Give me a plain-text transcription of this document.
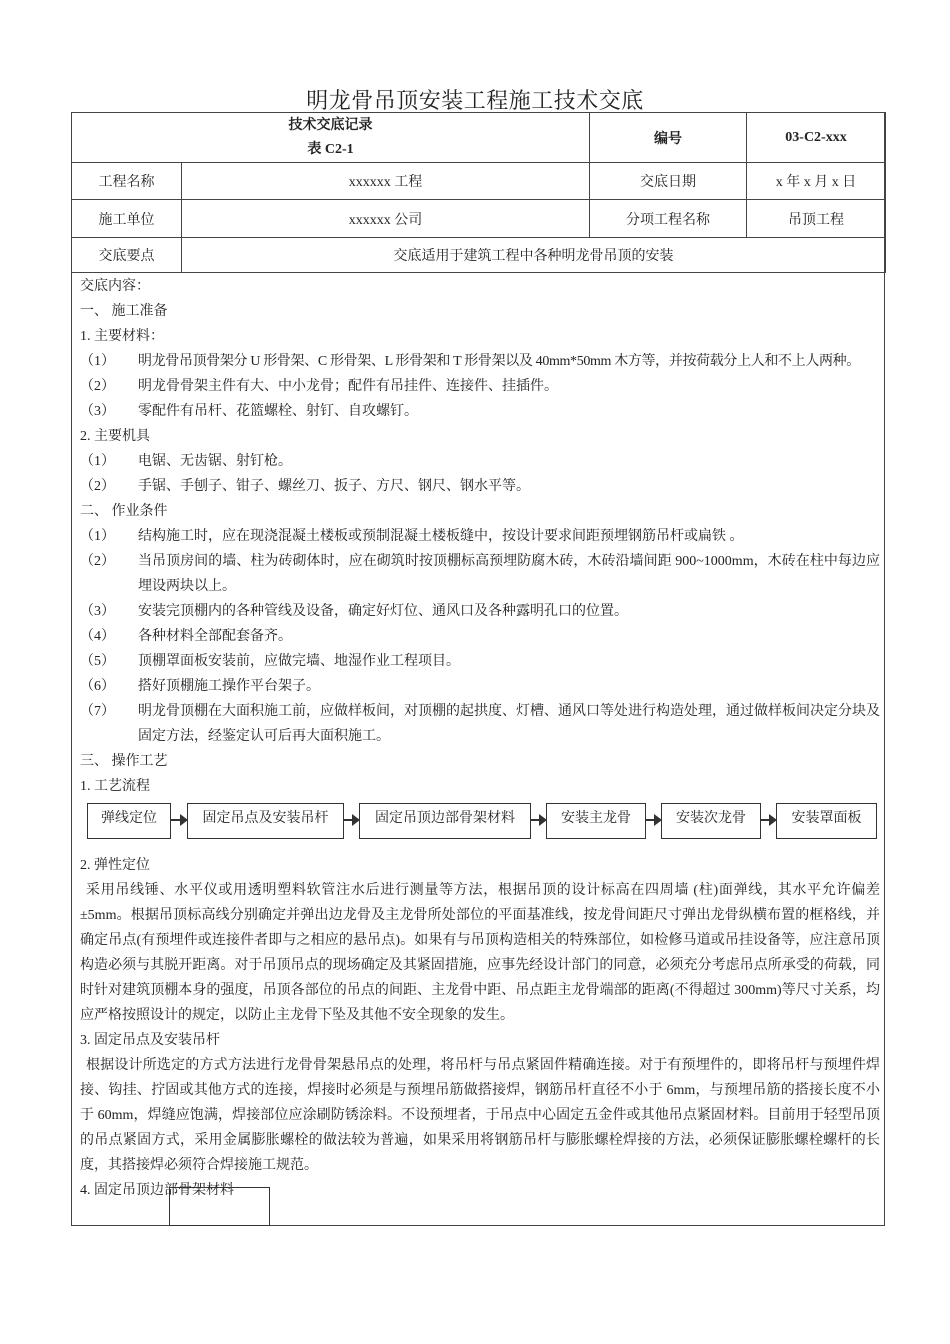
明龙骨吊顶安装工程施工技术交底
技术交底记录
表 C2-1		编号	03-C2-xxx
工程名称	xxxxxx 工程	交底日期	x 年 x 月 x 日
施工单位	xxxxxx 公司	分项工程名称	吊顶工程
交底要点	交底适用于建筑工程中各种明龙骨吊顶的安装		
交底内容：
一、 施工准备
1. 主要材料：
（1）	明龙骨吊顶骨架分 U 形骨架、C 形骨架、L 形骨架和 T 形骨架以及 40mm*50mm 木方等，并按荷载分上人和不上人两种。
（2）	明龙骨骨架主件有大、中小龙骨；配件有吊挂件、连接件、挂插件。
（3）	零配件有吊杆、花篮螺栓、射钉、自攻螺钉。
2. 主要机具
（1）	电锯、无齿锯、射钉枪。
（2）	手锯、手刨子、钳子、螺丝刀、扳子、方尺、钢尺、钢水平等。
二、 作业条件
（1）	结构施工时，应在现浇混凝土楼板或预制混凝土楼板缝中，按设计要求间距预埋钢筋吊杆或扁铁 。
（2）	当吊顶房间的墙、柱为砖砌体时，应在砌筑时按顶棚标高预埋防腐木砖，木砖沿墙间距 900~1000mm，木砖在柱中每边应埋设两块以上。
（3）	安装完顶棚内的各种管线及设备，确定好灯位、通风口及各种露明孔口的位置。
（4）	各种材料全部配套备齐。
（5）	顶棚罩面板安装前，应做完墙、地湿作业工程项目。
（6）	搭好顶棚施工操作平台架子。
（7）	明龙骨顶棚在大面积施工前，应做样板间，对顶棚的起拱度、灯槽、通风口等处进行构造处理，通过做样板间决定分块及固定方法，经鉴定认可后再大面积施工。
三、 操作工艺
1. 工艺流程
弹线定位	固定吊点及安装吊杆	固定吊顶边部骨架材料	安装主龙骨	安装次龙骨	安装罩面板
2. 弹性定位
采用吊线锤、水平仪或用透明塑料软管注水后进行测量等方法，根据吊顶的设计标高在四周墙 (柱)面弹线，其水平允许偏差±5mm。根据吊顶标高线分别确定并弹出边龙骨及主龙骨所处部位的平面基准线，按龙骨间距尺寸弹出龙骨纵横布置的框格线，并确定吊点(有预埋件或连接件者即与之相应的悬吊点)。如果有与吊顶构造相关的特殊部位，如检修马道或吊挂设备等，应注意吊顶构造必须与其脱开距离。对于吊顶吊点的现场确定及其紧固措施，应事先经设计部门的同意，必须充分考虑吊点所承受的荷载，同时针对建筑顶棚本身的强度，吊顶各部位的吊点的间距、主龙骨中距、吊点距主龙骨端部的距离(不得超过 300mm)等尺寸关系，均应严格按照设计的规定，以防止主龙骨下坠及其他不安全现象的发生。
3. 固定吊点及安装吊杆
根据设计所选定的方式方法进行龙骨骨架悬吊点的处理，将吊杆与吊点紧固件精确连接。对于有预埋件的，即将吊杆与预埋件焊接、钩挂、拧固或其他方式的连接，焊接时必须是与预埋吊筋做搭接焊，钢筋吊杆直径不小于 6mm，与预埋吊筋的搭接长度不小于 60mm，焊缝应饱满，焊接部位应涂刷防锈涂料。不设预埋者，于吊点中心固定五金件或其他吊点紧固材料。目前用于轻型吊顶的吊点紧固方式，采用金属膨胀螺栓的做法较为普遍，如果采用将钢筋吊杆与膨胀螺栓焊接的方法，必须保证膨胀螺栓螺杆的长度，其搭接焊必须符合焊接施工规范。
4. 固定吊顶边部骨架材料
